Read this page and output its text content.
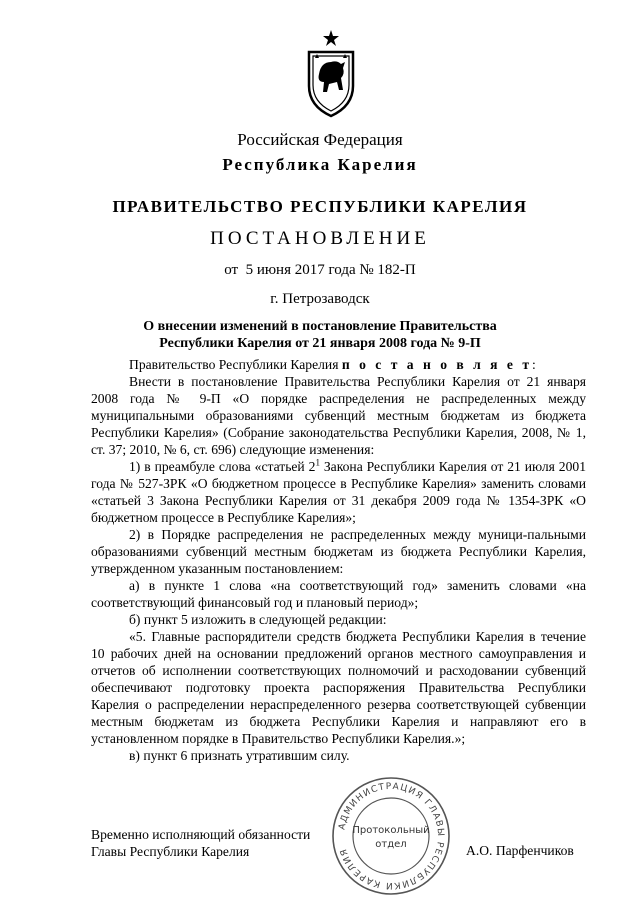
Российская Федерация
Республика Карелия
ПРАВИТЕЛЬСТВО РЕСПУБЛИКИ КАРЕЛИЯ
ПОСТАНОВЛЕНИЕ
от  5 июня 2017 года № 182-П
г. Петрозаводск
О внесении изменений в постановление Правительства
Республики Карелия от 21 января 2008 года № 9-П

Правительство Республики Карелия п о с т а н о в л я е т:

Внести в постановление Правительства Республики Карелия от 21 января 2008 года № 9-П «О порядке распределения не распределенных между муниципальными образованиями субвенций местным бюджетам из бюджета Республики Карелия» (Собрание законодательства Республики Карелия, 2008, № 1, ст. 37; 2010, № 6, ст. 696) следующие изменения:

1) в преамбуле слова «статьей $2^1$ Закона Республики Карелия от 21 июля 2001 года № 527-ЗРК «О бюджетном процессе в Республике Карелия» заменить словами «статьей 3 Закона Республики Карелия от 31 декабря 2009 года № 1354-ЗРК «О бюджетном процессе в Республике Карелия»;

2) в Порядке распределения не распределенных между муници-пальными образованиями субвенций местным бюджетам из бюджета Республики Карелия, утвержденном указанным постановлением:

а) в пункте 1 слова «на соответствующий год» заменить словами «на соответствующий финансовый год и плановый период»;

б) пункт 5 изложить в следующей редакции:

«5. Главные распорядители средств бюджета Республики Карелия в течение 10 рабочих дней на основании предложений органов местного самоуправления и отчетов об исполнении соответствующих полномочий и расходовании субвенций обеспечивают подготовку проекта распоряжения Правительства Республики Карелия о распределении нераспределенного резерва соответствующей субвенции местным бюджетам из бюджета Республики Карелия и направляют его в установленном порядке в Правительство Республики Карелия.»;

в) пункт 6 признать утратившим силу.

Временно исполняющий обязанности
Главы Республики Карелия	А.О. Парфенчиков
АДМИНИСТРАЦИЯ ГЛАВЫ РЕСПУБЛИКИ КАРЕЛИЯ
Протокольный
отдел
